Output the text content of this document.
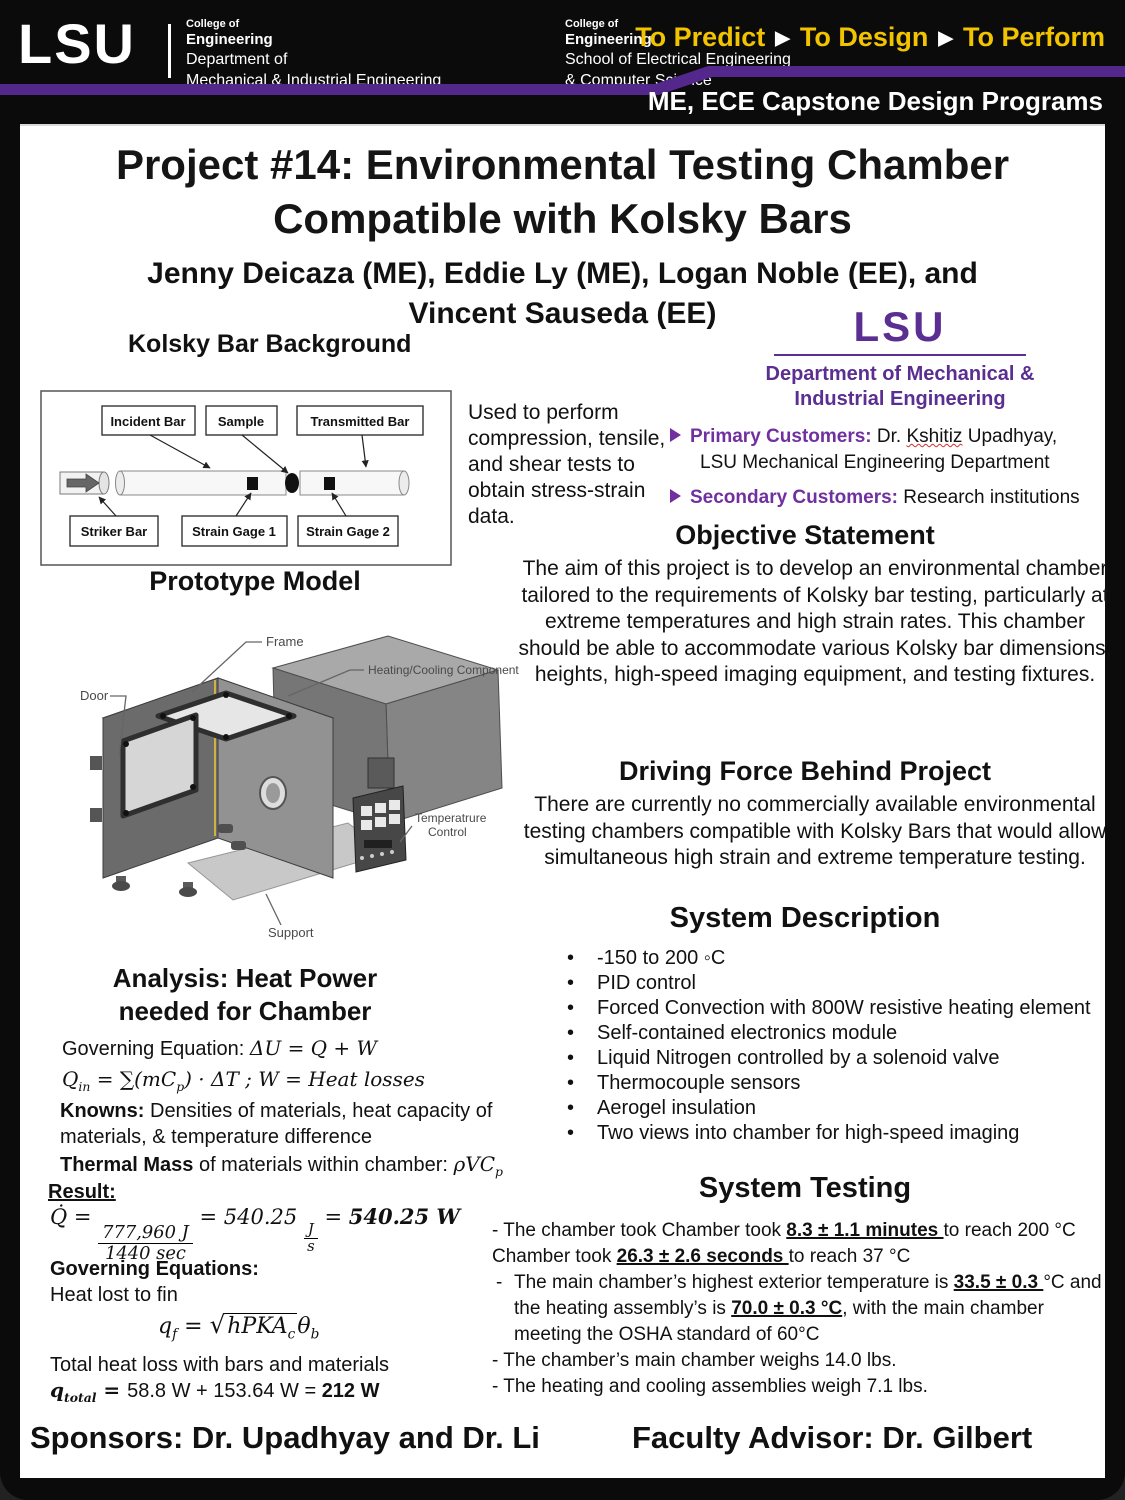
LSU	College of
Engineering
Department of
Mechanical & Industrial Engineering
College of
Engineering
School of Electrical Engineering
& Computer Science
To Predict ▶ To Design ▶ To Perform
ME, ECE Capstone Design Programs
Project #14: Environmental Testing Chamber Compatible with Kolsky Bars
Jenny Deicaza (ME), Eddie Ly (ME), Logan Noble (EE), and Vincent Sauseda (EE)
Kolsky Bar Background
Incident Bar Sample	Transmitted Bar
Striker Bar	Strain Gage 1 Strain Gage 2

Used to perform compression, tensile, and shear tests to obtain stress-strain data.

LSU
Department of Mechanical & Industrial Engineering
Primary Customers: Dr. Kshitiz Upadhyay,
LSU Mechanical Engineering Department
Secondary Customers: Research institutions
Objective Statement

The aim of this project is to develop an environmental chamber tailored to the requirements of Kolsky bar testing, particularly at extreme temperatures and high strain rates. This chamber should be able to accommodate various Kolsky bar dimensions, heights, high-speed imaging equipment, and testing fixtures.

Driving Force Behind Project

There are currently no commercially available environmental testing chambers compatible with Kolsky Bars that would allow simultaneous high strain and extreme temperature testing.

System Description
• -150 to 200 ◦C
• PID control
• Forced Convection with 800W resistive heating element
• Self-contained electronics module
• Liquid Nitrogen controlled by a solenoid valve
• Thermocouple sensors
• Aerogel insulation
• Two views into chamber for high-speed imaging
System Testing
- The chamber took Chamber took 8.3 ± 1.1 minutes to reach 200 °C
Chamber took 26.3 ± 2.6 seconds to reach 37 °C
- The main chamber’s highest exterior temperature is 33.5 ± 0.3 °C and the heating assembly’s is 70.0 ± 0.3 °C, with the main chamber meeting the OSHA standard of 60°C
- The chamber’s main chamber weighs 14.0 lbs.
- The heating and cooling assemblies weigh 7.1 lbs.
Prototype Model
Frame
Heating/Cooling Component
Door
Temperatrure
Control
Support
Analysis: Heat Power needed for Chamber

Governing Equation: ΔU = Q + W

$Q_{in} = \sum(mC_p) \cdot \Delta T$ ; W = Heat losses

Knowns: Densities of materials, heat capacity of materials, & temperature difference

Thermal Mass of materials within chamber: ρVC$_p$

Result:

Q̇ =
$\frac{777,960 J}{1440 \sec}$
= 540.25
$\frac{J}{s}$
= 540.25 W

Governing Equations:

Heat lost to fin

$q_f$ = $√hPKA_c\theta_b$

Total heat loss with bars and materials

$q_{total} = 58.8$ W + 153.64 W = 212 W
Sponsors: Dr. Upadhyay and Dr. Li	Faculty Advisor: Dr. Gilbert
